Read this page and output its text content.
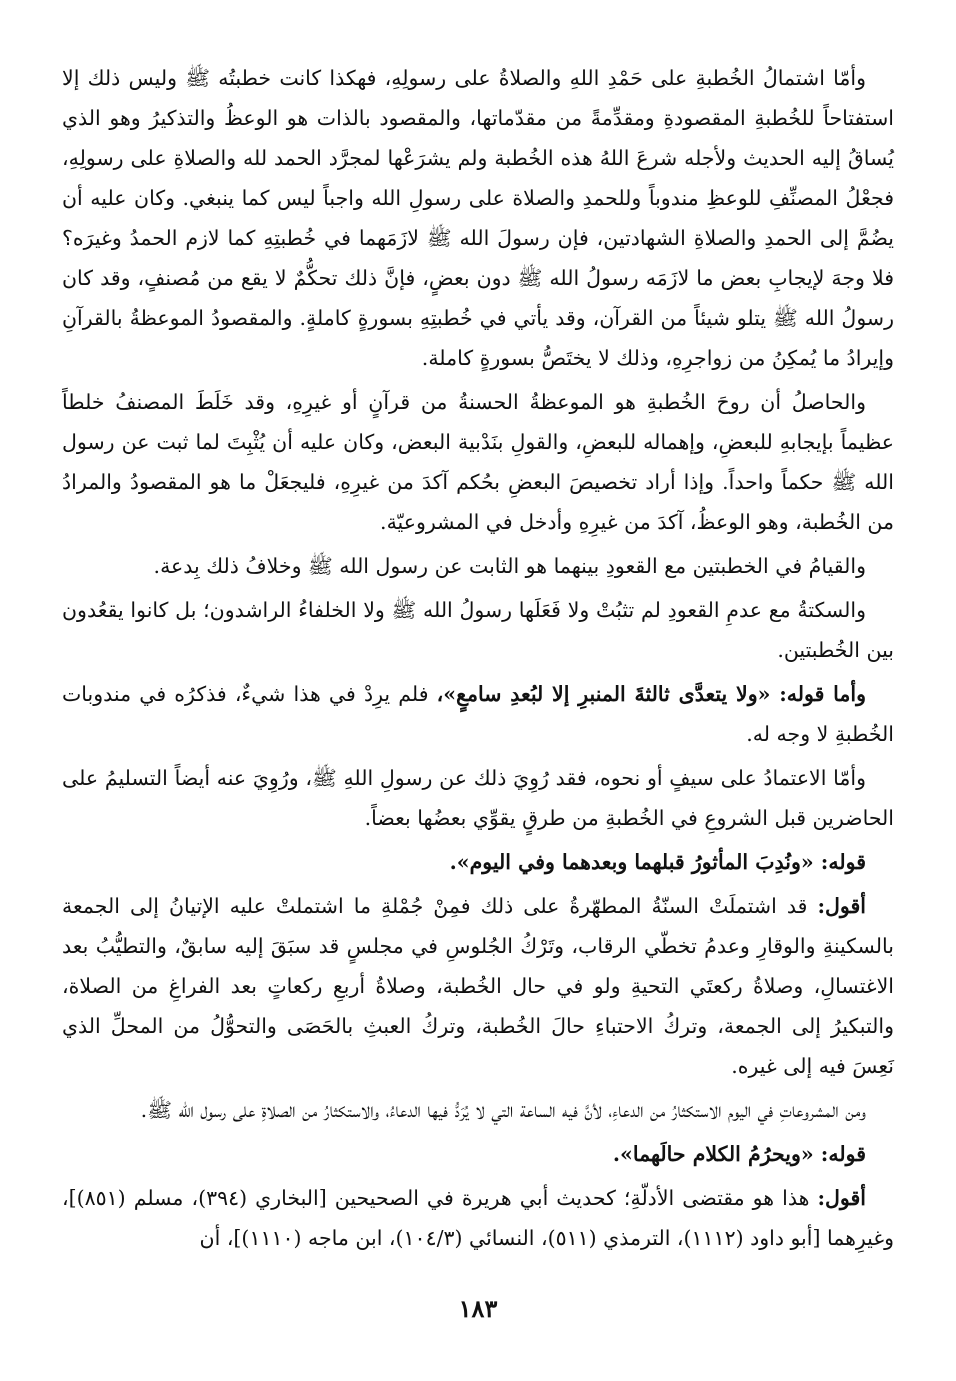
وأمّا اشتمالُ الخُطبةِ على حَمْدِ اللهِ والصلاةُ على رسولِهِ، فهكذا كانت خطبتُه ﷺ وليس ذلك إلا استفتاحاً للخُطبةِ المقصودةِ ومقدِّمةً من مقدّماتها، والمقصود بالذات هو الوعظُ والتذكيرُ وهو الذي يُساقُ إليه الحديث ولأجله شرعَ اللهُ هذه الخُطبة ولم يشرَعْها لمجرَّد الحمد لله والصلاةِ على رسولِهِ، فجعْلُ المصنِّفِ للوعظِ مندوباً وللحمدِ والصلاة على رسولِ الله واجباً ليس كما ينبغي. وكان عليه أن يضُمَّ إلى الحمدِ والصلاةِ الشهادتين، فإن رسولَ الله ﷺ لازَمَهما في خُطبتِهِ كما لازم الحمدُ وغيرَه؟ فلا وجهَ لإيجابِ بعض ما لازَمَه رسولُ الله ﷺ دون بعضٍ، فإنَّ ذلك تحكُّمٌ لا يقع من مُصنفٍ، وقد كان رسولُ الله ﷺ يتلو شيئاً من القرآن، وقد يأتي في خُطبتِهِ بسورةٍ كاملةٍ. والمقصودُ الموعظةُ بالقرآنِ وإيرادُ ما يُمكِنُ من زواجرِهِ، وذلك لا يختَصُّ بسورةٍ كاملة.

والحاصلُ أن روحَ الخُطبةِ هو الموعظةُ الحسنةُ من قرآنٍ أو غيرِهِ، وقد خَلَطَ المصنفُ خلطاً عظيماً بإيجابهِ للبعضِ، وإهماله للبعضِ، والقولِ بنَدْبية البعض، وكان عليه أن يُثْبِتَ لما ثبت عن رسول الله ﷺ حكماً واحداً. وإذا أراد تخصيصَ البعضِ بحُكم آكدَ من غيرِهِ، فليجعَلْ ما هو المقصودُ والمرادُ من الخُطبة، وهو الوعظُ، آكدَ من غيرِهِ وأدخل في المشروعيّة.

والقيامُ في الخطبتين مع القعودِ بينهما هو الثابت عن رسول الله ﷺ وخلافُ ذلك بِدعة.

والسكتةُ مع عدمِ القعودِ لم تثبُتْ ولا فَعَلَها رسولُ الله ﷺ ولا الخلفاءُ الراشدون؛ بل كانوا يقعُدون بين الخُطبتين.

وأما قوله: «ولا يتعدَّى ثالثةَ المنبرِ إلا لبُعدِ سامعٍ»، فلم يرِدْ في هذا شيءٌ، فذكرُه في مندوبات الخُطبةِ لا وجه له.

وأمّا الاعتمادُ على سيفٍ أو نحوه، فقد رُوِيَ ذلك عن رسولِ اللهِ ﷺ، ورُوِيَ عنه أيضاً التسليمُ على الحاضرين قبل الشروعِ في الخُطبةِ من طرقٍ يقوِّي بعضُها بعضاً.

قوله: «ونُدِبَ المأثورُ قبلهما وبعدهما وفي اليوم».

أقول: قد اشتملَتْ السنّةُ المطهّرةُ على ذلك فمِنْ جُمْلةِ ما اشتملتْ عليه الإتيانُ إلى الجمعة بالسكينةِ والوقارِ وعدمُ تخطّي الرقاب، وتَرْكُ الجُلوسِ في مجلسٍ قد سبَقَ إليه سابقٌ، والتطيُّبُ بعد الاغتسالِ، وصلاةُ ركعتَي التحيةِ ولو في حال الخُطبة، وصلاةُ أربعِ ركعاتٍ بعد الفراغِ من الصلاة، والتبكيرُ إلى الجمعة، وتركُ الاحتباءِ حالَ الخُطبة، وتركُ العبثِ بالحَصَى والتحوُّلُ من المحلِّ الذي نَعِسَ فيه إلى غيره.

ومن المشروعاتِ في اليوم الاستكثارُ من الدعاءِ، لأنَّ فيه الساعة التي لا يُرَدُّ فيها الدعاءُ، والاستكثارُ من الصلاةِ على رسول الله ﷺ.

قوله: «ويحرُمُ الكلام حالَهما».

أقول: هذا هو مقتضى الأدلّةِ؛ كحديث أبي هريرة في الصحيحين [البخاري (٣٩٤)، مسلم (٨٥١)]، وغيرِهما [أبو داود (١١١٢)، الترمذي (٥١١)، النسائي (١٠٤/٣)، ابن ماجه (١١١٠)]، أن

١٨٣
